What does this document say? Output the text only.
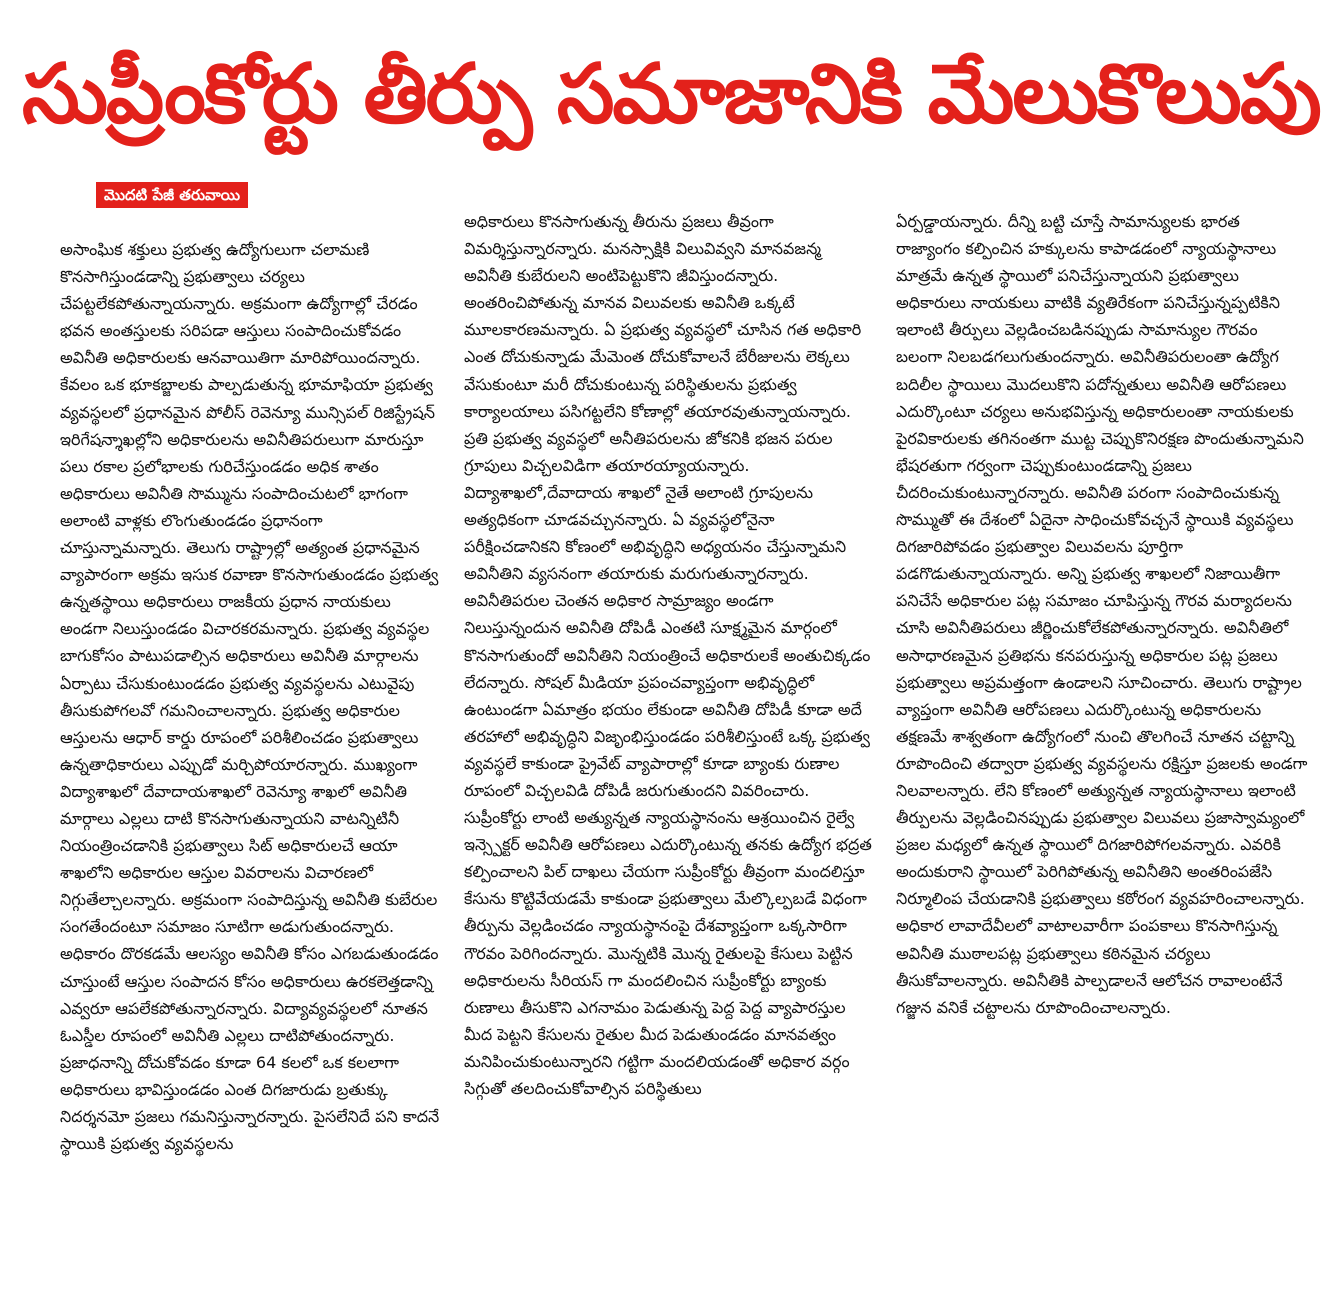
సుప్రీంకోర్టు తీర్పు సమాజానికి మేలుకొలుపు
మొదటి పేజీ తరువాయి

అసాంఘిక శక్తులు ప్రభుత్వ ఉద్యోగులుగా చలామణి కొనసాగిస్తుండడాన్ని ప్రభుత్వాలు చర్యలు చేపట్టలేకపోతున్నాయన్నారు. అక్రమంగా ఉద్యోగాల్లో చేరడం భవన అంతస్తులకు సరిపడా ఆస్తులు సంపాదించుకోవడం అవినీతి అధికారులకు ఆనవాయితిగా మారిపోయిందన్నారు. కేవలం ఒక భూకబ్జాలకు పాల్పడుతున్న భూమాఫియా ప్రభుత్వ వ్యవస్థలలో ప్రధానమైన పోలీస్ రెవెన్యూ మున్సిపల్ రిజిస్ట్రేషన్ ఇరిగేషన్శాఖల్లోని అధికారులను అవినీతిపరులుగా మారుస్తూ పలు రకాల ప్రలోభాలకు గురిచేస్తుండడం అధిక శాతం అధికారులు అవినీతి సొమ్మును సంపాదించుటలో భాగంగా అలాంటి వాళ్లకు లొంగుతుండడం ప్రధానంగా చూస్తున్నామన్నారు. తెలుగు రాష్ట్రాల్లో అత్యంత ప్రధానమైన వ్యాపారంగా అక్రమ ఇసుక రవాణా కొనసాగుతుండడం ప్రభుత్వ ఉన్నతస్థాయి అధికారులు రాజకీయ ప్రధాన నాయకులు అండగా నిలుస్తుండడం విచారకరమన్నారు. ప్రభుత్వ వ్యవస్థల బాగుకోసం పాటుపడాల్సిన అధికారులు అవినీతి మార్గాలను ఏర్పాటు చేసుకుంటుండడం ప్రభుత్వ వ్యవస్థలను ఎటువైపు తీసుకుపోగలవో గమనించాలన్నారు. ప్రభుత్వ అధికారుల ఆస్తులను ఆధార్ కార్డు రూపంలో పరిశీలించడం ప్రభుత్వాలు ఉన్నతాధికారులు ఎప్పుడో మర్చిపోయారన్నారు. ముఖ్యంగా విద్యాశాఖలో దేవాదాయశాఖలో రెవెన్యూ శాఖలో అవినీతి మార్గాలు ఎల్లలు దాటి కొనసాగుతున్నాయని వాటన్నిటినీ నియంత్రించడానికి ప్రభుత్వాలు సిట్ అధికారులచే ఆయా శాఖలోని అధికారుల ఆస్తుల వివరాలను విచారణలో నిగ్గుతేల్చాలన్నారు. అక్రమంగా సంపాదిస్తున్న అవినీతి కుబేరుల సంగతేందంటూ సమాజం సూటిగా అడుగుతుందన్నారు. అధికారం దొరకడమే ఆలస్యం అవినీతి కోసం ఎగబడుతుండడం చూస్తుంటే ఆస్తుల సంపాదన కోసం అధికారులు ఉరకలెత్తడాన్ని ఎవ్వరూ ఆపలేకపోతున్నారన్నారు. విద్యావ్యవస్థలలో నూతన ఓఎస్డీల రూపంలో అవినీతి ఎల్లలు దాటిపోతుందన్నారు. ప్రజాధనాన్ని దోచుకోవడం కూడా 64 కలలో ఒక కలలాగా అధికారులు భావిస్తుండడం ఎంత దిగజారుడు బ్రతుక్కు నిదర్శనమో ప్రజలు గమనిస్తున్నారన్నారు. పైసలేనిదే పని కాదనే స్థాయికి ప్రభుత్వ వ్యవస్థలను

అధికారులు కొనసాగుతున్న తీరును ప్రజలు తీవ్రంగా విమర్శిస్తున్నారన్నారు. మనస్సాక్షికి విలువివ్వని మానవజన్మ అవినీతి కుబేరులని అంటిపెట్టుకొని జీవిస్తుందన్నారు. అంతరించిపోతున్న మానవ విలువలకు అవినీతి ఒక్కటే మూలకారణమన్నారు. ఏ ప్రభుత్వ వ్యవస్థలో చూసిన గత అధికారి ఎంత దోచుకున్నాడు మేమెంత దోచుకోవాలనే బేరీజులను లెక్కలు వేసుకుంటూ మరీ దోచుకుంటున్న పరిస్థితులను ప్రభుత్వ కార్యాలయాలు పసిగట్టలేని కోణాల్లో తయారవుతున్నాయన్నారు. ప్రతి ప్రభుత్వ వ్యవస్థలో అనీతిపరులను జోకనికి భజన పరుల గ్రూపులు విచ్చలవిడిగా తయారయ్యాయన్నారు. విద్యాశాఖలో,దేవాదాయ శాఖలో నైతే అలాంటి గ్రూపులను అత్యధికంగా చూడవచ్చునన్నారు. ఏ వ్యవస్థలోనైనా పరీక్షించడానికని కోణంలో అభివృద్ధిని అధ్యయనం చేస్తున్నామని అవినీతిని వ్యసనంగా తయారుకు మరుగుతున్నారన్నారు. అవినీతిపరుల చెంతన అధికార సామ్రాజ్యం అండగా నిలుస్తున్నందున అవినీతి దోపిడీ ఎంతటి సూక్ష్మమైన మార్గంలో కొనసాగుతుందో అవినీతిని నియంత్రించే అధికారులకే అంతుచిక్కడం లేదన్నారు. సోషల్ మీడియా ప్రపంచవ్యాప్తంగా అభివృద్ధిలో ఉంటుండగా ఏమాత్రం భయం లేకుండా అవినీతి దోపిడీ కూడా అదే తరహాలో అభివృద్ధిని విజృంభిస్తుండడం పరిశీలిస్తుంటే ఒక్క ప్రభుత్వ వ్యవస్థలే కాకుండా ప్రైవేట్ వ్యాపారాల్లో కూడా బ్యాంకు రుణాల రూపంలో విచ్చలవిడి దోపిడీ జరుగుతుందని వివరించారు. సుప్రీంకోర్టు లాంటి అత్యున్నత న్యాయస్థానంను ఆశ్రయించిన రైల్వే ఇన్స్పెక్టర్ అవినీతి ఆరోపణలు ఎదుర్కొంటున్న తనకు ఉద్యోగ భద్రత కల్పించాలని పిల్ దాఖలు చేయగా సుప్రీంకోర్టు తీవ్రంగా మందలిస్తూ కేసును కొట్టివేయడమే కాకుండా ప్రభుత్వాలు మేల్కొల్పబడే విధంగా తీర్పును వెల్లడించడం న్యాయస్థానంపై దేశవ్యాప్తంగా ఒక్కసారిగా గౌరవం పెరిగిందన్నారు. మొన్నటికి మొన్న రైతులపై కేసులు పెట్టిన అధికారులను సీరియస్ గా మందలించిన సుప్రీంకోర్టు బ్యాంకు రుణాలు తీసుకొని ఎగనామం పెడుతున్న పెద్ద పెద్ద వ్యాపారస్తుల మీద పెట్టని కేసులను రైతుల మీద పెడుతుండడం మానవత్వం మనిపించుకుంటున్నారని గట్టిగా మందలియడంతో అధికార వర్గం సిగ్గుతో తలదించుకోవాల్సిన పరిస్థితులు

ఏర్పడ్డాయన్నారు. దీన్ని బట్టి చూస్తే సామాన్యులకు భారత రాజ్యాంగం కల్పించిన హక్కులను కాపాడడంలో న్యాయస్థానాలు మాత్రమే ఉన్నత స్థాయిలో పనిచేస్తున్నాయని ప్రభుత్వాలు అధికారులు నాయకులు వాటికి వ్యతిరేకంగా పనిచేస్తున్నప్పటికిని ఇలాంటి తీర్పులు వెల్లడించబడినప్పుడు సామాన్యుల గౌరవం బలంగా నిలబడగలుగుతుందన్నారు. అవినీతిపరులంతా ఉద్యోగ బదిలీల స్థాయిలు మొదలుకొని పదోన్నతులు అవినీతి ఆరోపణలు ఎదుర్కొంటూ చర్యలు అనుభవిస్తున్న అధికారులంతా నాయకులకు పైరవికారులకు తగినంతగా ముట్ట చెప్పుకొనిరక్షణ పొందుతున్నామని భేషరతుగా గర్వంగా చెప్పుకుంటుండడాన్ని ప్రజలు చీదరించుకుంటున్నారన్నారు. అవినీతి పరంగా సంపాదించుకున్న సొమ్ముతో ఈ దేశంలో ఏదైనా సాధించుకోవచ్చనే స్థాయికి వ్యవస్థలు దిగజారిపోవడం ప్రభుత్వాల విలువలను పూర్తిగా పడగొడుతున్నాయన్నారు. అన్ని ప్రభుత్వ శాఖలలో నిజాయితీగా పనిచేసే అధికారుల పట్ల సమాజం చూపిస్తున్న గౌరవ మర్యాదలను చూసి అవినీతిపరులు జీర్ణించుకోలేకపోతున్నారన్నారు. అవినీతిలో అసాధారణమైన ప్రతిభను కనపరుస్తున్న అధికారుల పట్ల ప్రజలు ప్రభుత్వాలు అప్రమత్తంగా ఉండాలని సూచించారు. తెలుగు రాష్ట్రాల వ్యాప్తంగా అవినీతి ఆరోపణలు ఎదుర్కొంటున్న అధికారులను తక్షణమే శాశ్వతంగా ఉద్యోగంలో నుంచి తొలగించే నూతన చట్టాన్ని రూపొందించి తద్వారా ప్రభుత్వ వ్యవస్థలను రక్షిస్తూ ప్రజలకు అండగా నిలవాలన్నారు. లేని కోణంలో అత్యున్నత న్యాయస్థానాలు ఇలాంటి తీర్పులను వెల్లడించినప్పుడు ప్రభుత్వాల విలువలు ప్రజాస్వామ్యంలో ప్రజల మధ్యలో ఉన్నత స్థాయిలో దిగజారిపోగలవన్నారు. ఎవరికి అందుకురాని స్థాయిలో పెరిగిపోతున్న అవినీతిని అంతరింపజేసి నిర్మూలింప చేయడానికి ప్రభుత్వాలు కఠోరంగ వ్యవహరించాలన్నారు. అధికార లావాదేవీలలో వాటాలవారీగా పంపకాలు కొనసాగిస్తున్న అవినీతి ముఠాలపట్ల ప్రభుత్వాలు కఠినమైన చర్యలు తీసుకోవాలన్నారు. అవినీతికి పాల్పడాలనే ఆలోచన రావాలంటేనే గజ్జున వనికే చట్టాలను రూపొందించాలన్నారు.
